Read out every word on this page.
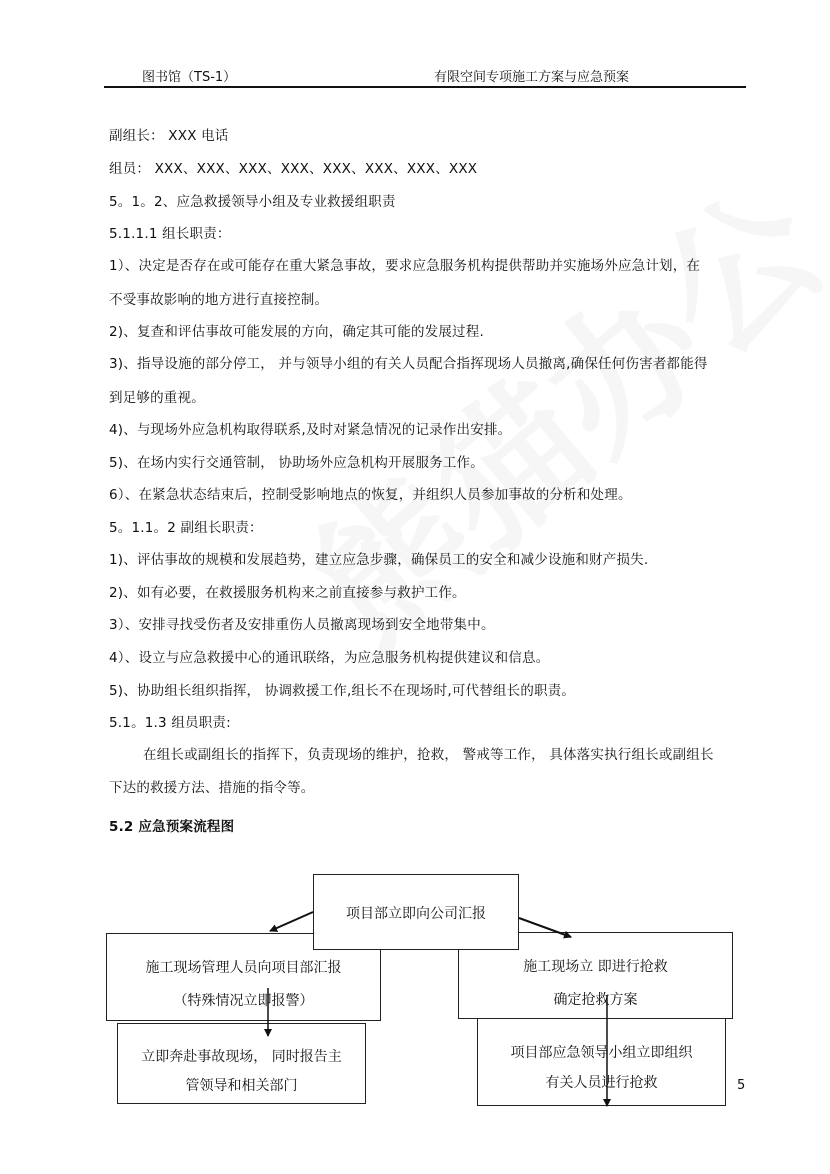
图书馆（TS-1）	有限空间专项施工方案与应急预案
副组长： XXX 电话
组员： XXX、XXX、XXX、XXX、XXX、XXX、XXX、XXX
5。1。2、应急救援领导小组及专业救援组职责
5.1.1.1 组长职责：
1）、决定是否存在或可能存在重大紧急事故，要求应急服务机构提供帮助并实施场外应急计划，在
不受事故影响的地方进行直接控制。
2)、复查和评估事故可能发展的方向，确定其可能的发展过程.
3)、指导设施的部分停工， 并与领导小组的有关人员配合指挥现场人员撤离,确保任何伤害者都能得
到足够的重视。
4)、与现场外应急机构取得联系,及时对紧急情况的记录作出安排。
5)、在场内实行交通管制， 协助场外应急机构开展服务工作。
6）、在紧急状态结束后，控制受影响地点的恢复，并组织人员参加事故的分析和处理。
5。1.1。2 副组长职责：
1)、评估事故的规模和发展趋势，建立应急步骤，确保员工的安全和减少设施和财产损失.
2)、如有必要，在救援服务机构来之前直接参与救护工作。
3）、安排寻找受伤者及安排重伤人员撤离现场到安全地带集中。
4）、设立与应急救援中心的通讯联络，为应急服务机构提供建议和信息。
5)、协助组长组织指挥， 协调救援工作,组长不在现场时,可代替组长的职责。
5.1。1.3 组员职责:
在组长或副组长的指挥下，负责现场的维护，抢救， 警戒等工作， 具体落实执行组长或副组长
下达的救援方法、措施的指令等。
5.2 应急预案流程图
立即奔赴事故现场， 同时报告主
管领导和相关部门
项目部应急领导小组立即组织
有关人员进行抢救
施工现场管理人员向项目部汇报
（特殊情况立即报警）
施工现场立 即进行抢救
确定抢救方案
项目部立即向公司汇报
5
